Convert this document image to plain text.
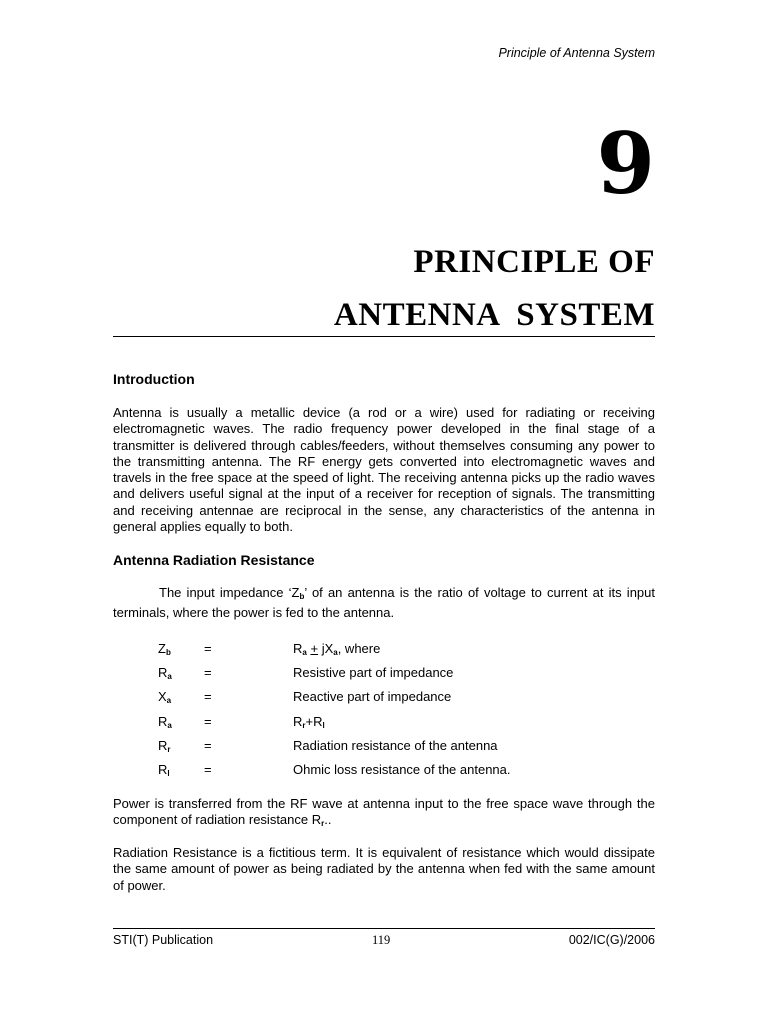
Principle of Antenna System
9
PRINCIPLE OF
ANTENNA  SYSTEM
Introduction

Antenna is usually a metallic device (a rod or a wire) used for radiating or receiving electromagnetic waves. The radio frequency power developed in the final stage of a transmitter is delivered through cables/feeders, without themselves consuming any power to the transmitting antenna. The RF energy gets converted into electromagnetic waves and travels in the free space at the speed of light. The receiving antenna picks up the radio waves and delivers useful signal at the input of a receiver for reception of signals. The transmitting and receiving antennae are reciprocal in the sense, any characteristics of the antenna in general applies equally to both.

Antenna Radiation Resistance

The input impedance ‘$Z_b$’ of an antenna is the ratio of voltage to current at its input terminals, where the power is fed to the antenna.

$Z_b$	=	$R_a + jX_a$, where
$R_a$ =	Resistive part of impedance
$X_a$	=	Reactive part of impedance
$R_a$ =	$R_r+R_l$
$R_r$	=	Radiation resistance of the antenna
$R_l$	=	Ohmic loss resistance of the antenna.

Power is transferred from the RF wave at antenna input to the free space wave through the component of radiation resistance $R_r$..

Radiation Resistance is a fictitious term. It is equivalent of resistance which would dissipate the same amount of power as being radiated by the antenna when fed with the same amount of power.

STI(T) Publication	119	002/IC(G)/2006
